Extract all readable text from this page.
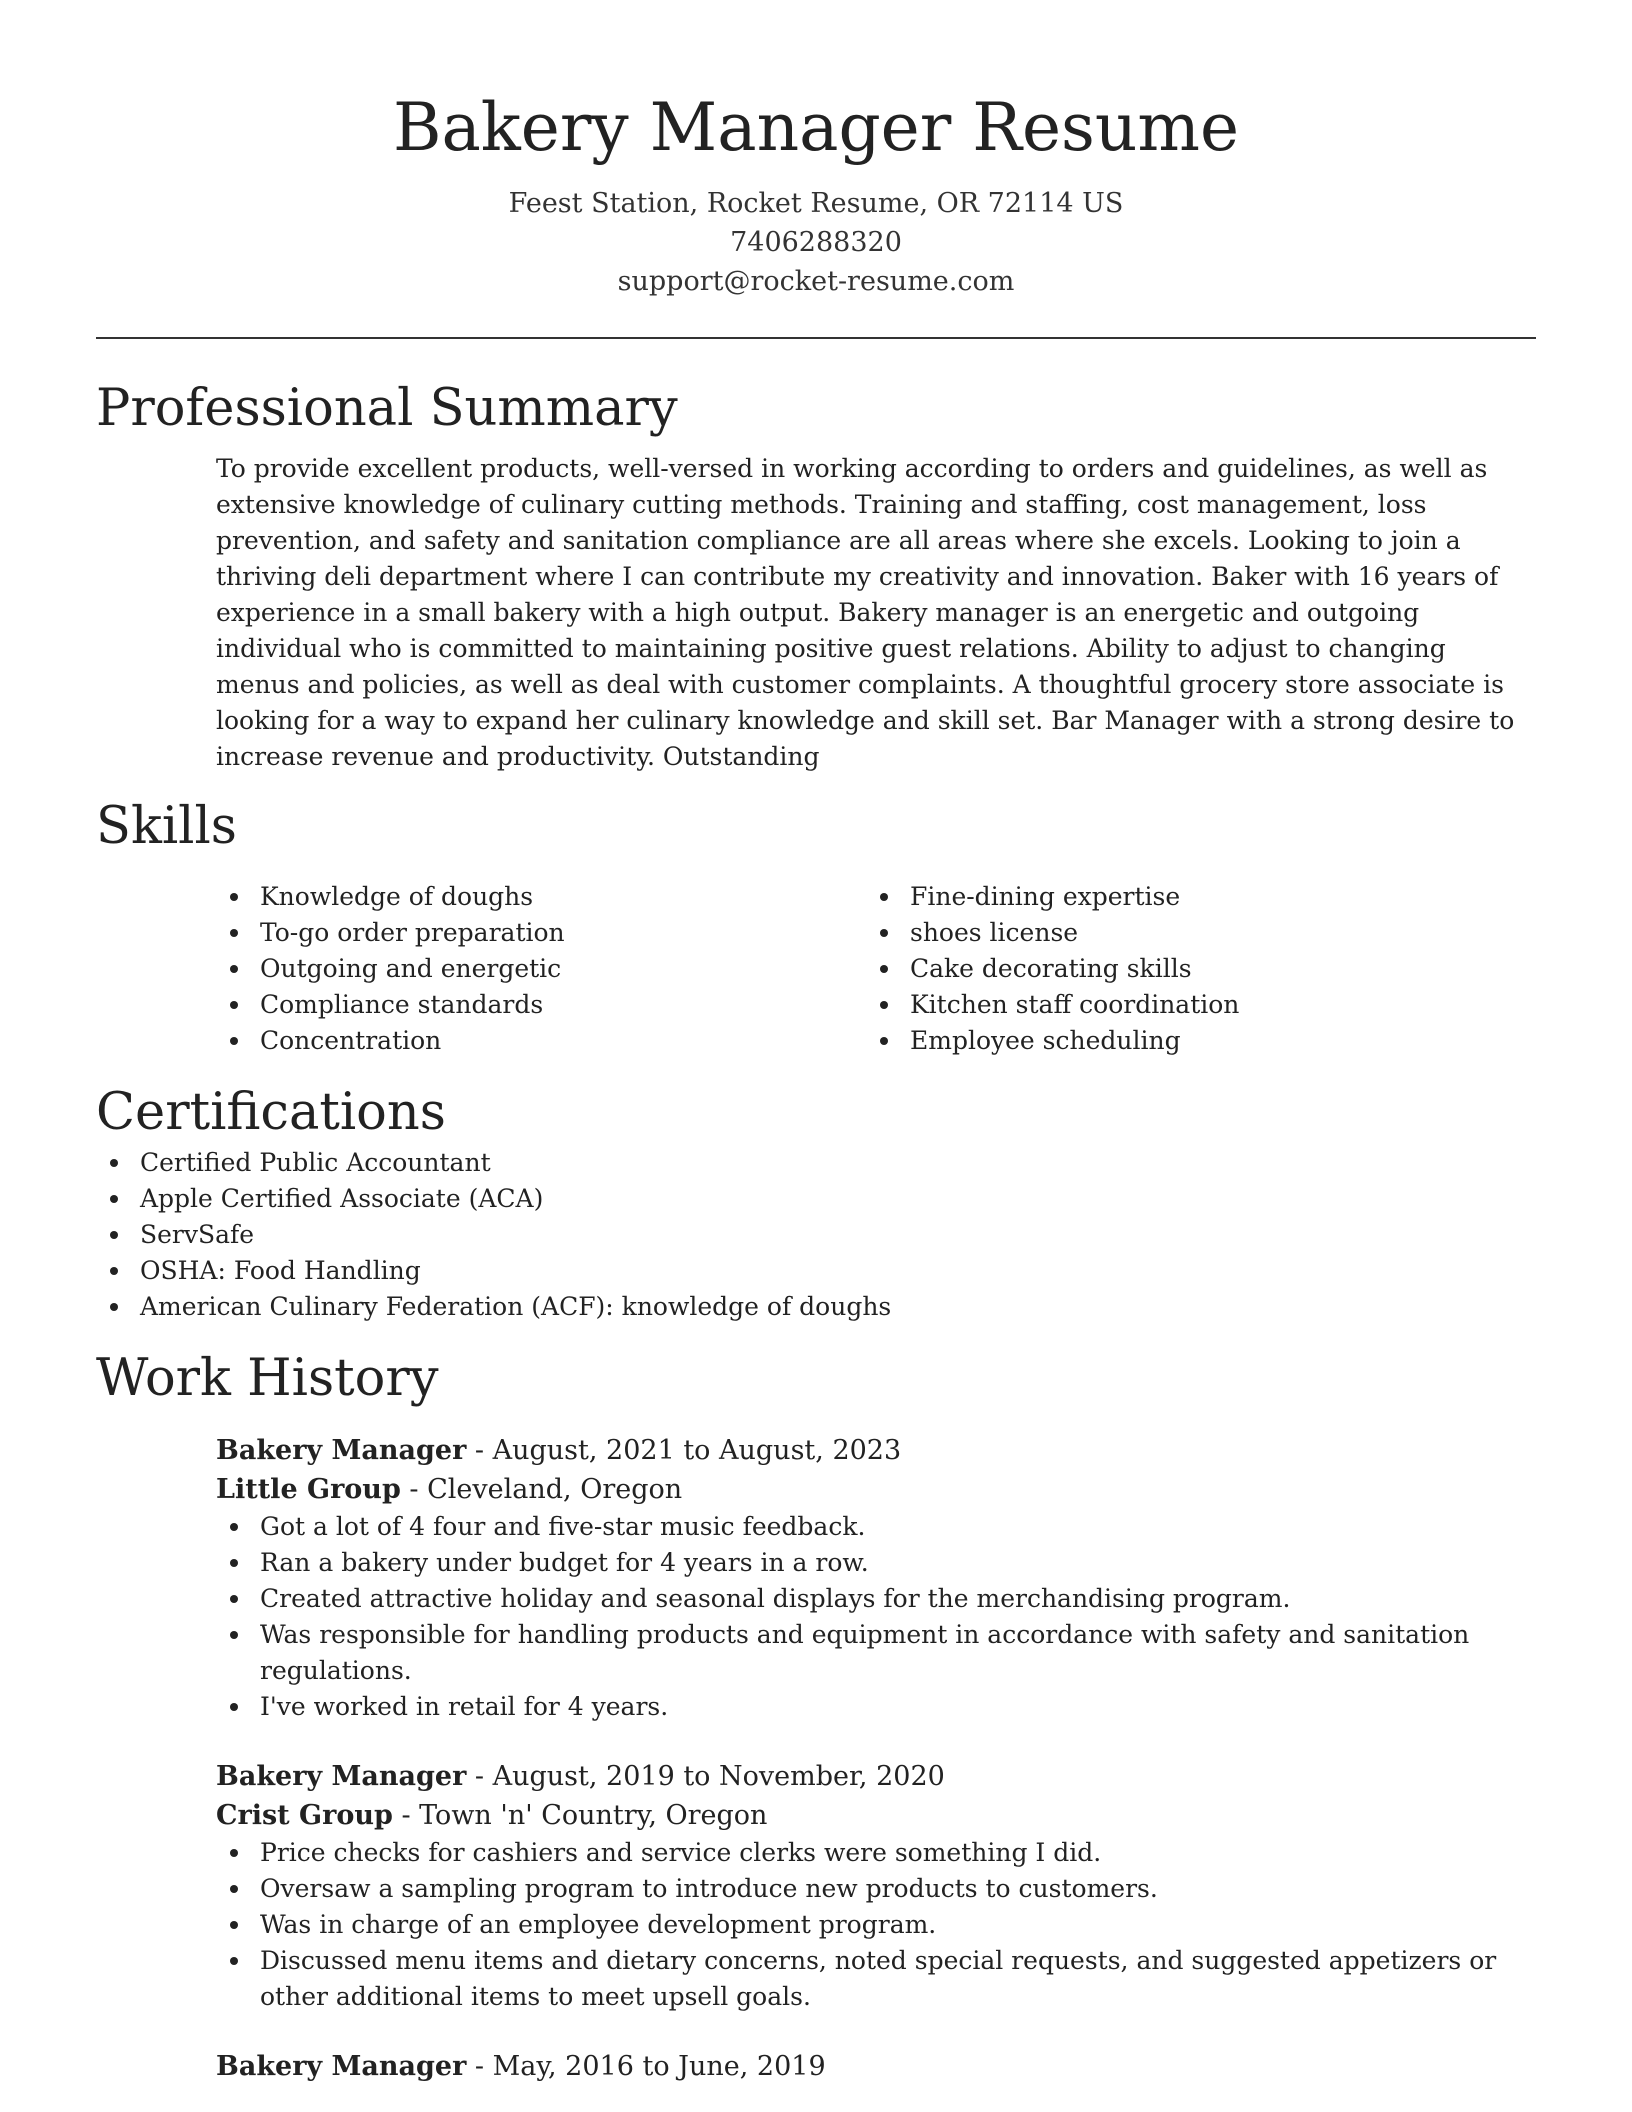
Bakery Manager Resume
Feest Station, Rocket Resume, OR 72114 US
7406288320
support@rocket-resume.com
Professional Summary

To provide excellent products, well-versed in working according to orders and guidelines, as well as extensive knowledge of culinary cutting methods. Training and staffing, cost management, loss prevention, and safety and sanitation compliance are all areas where she excels. Looking to join a thriving deli department where I can contribute my creativity and innovation. Baker with 16 years of experience in a small bakery with a high output. Bakery manager is an energetic and outgoing individual who is committed to maintaining positive guest relations. Ability to adjust to changing menus and policies, as well as deal with customer complaints. A thoughtful grocery store associate is looking for a way to expand her culinary knowledge and skill set. Bar Manager with a strong desire to increase revenue and productivity. Outstanding

Skills
Knowledge of doughs
To-go order preparation
Outgoing and energetic
Compliance standards
Concentration
Fine-dining expertise
shoes license
Cake decorating skills
Kitchen staff coordination
Employee scheduling
Certifications
Certified Public Accountant
Apple Certified Associate (ACA)
ServSafe
OSHA: Food Handling
American Culinary Federation (ACF): knowledge of doughs
Work History
Bakery Manager - August, 2021 to August, 2023
Little Group - Cleveland, Oregon
Got a lot of 4 four and five-star music feedback.
Ran a bakery under budget for 4 years in a row.
Created attractive holiday and seasonal displays for the merchandising program.
Was responsible for handling products and equipment in accordance with safety and sanitation regulations.
I've worked in retail for 4 years.
Bakery Manager - August, 2019 to November, 2020
Crist Group - Town 'n' Country, Oregon
Price checks for cashiers and service clerks were something I did.
Oversaw a sampling program to introduce new products to customers.
Was in charge of an employee development program.
Discussed menu items and dietary concerns, noted special requests, and suggested appetizers or other additional items to meet upsell goals.
Bakery Manager - May, 2016 to June, 2019
